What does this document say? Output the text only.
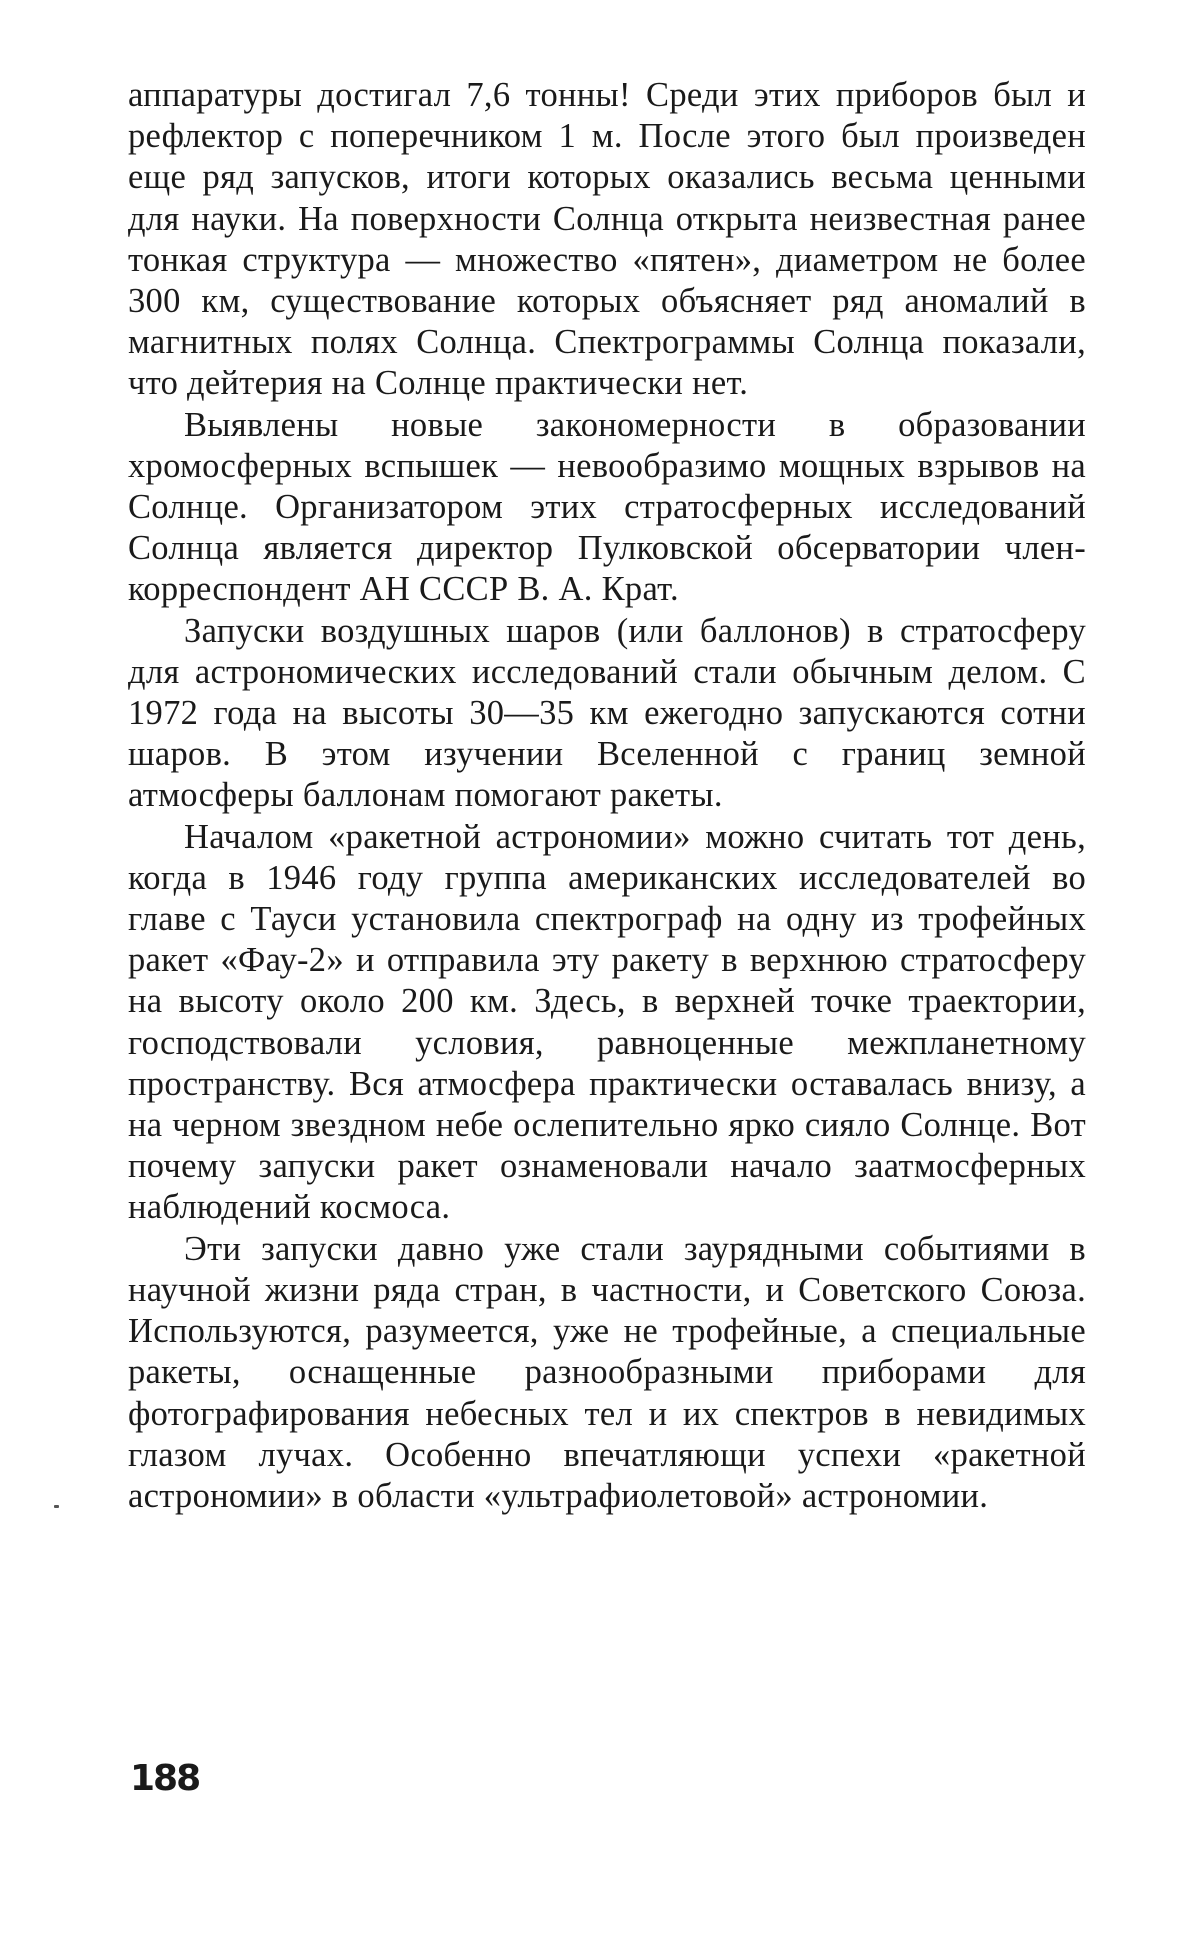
аппаратуры достигал 7,6 тонны! Среди этих приборов был и рефлектор с поперечником 1 м. После этого был произведен еще ряд запусков, итоги которых оказались весьма ценными для науки. На поверхности Солнца открыта неизвестная ранее тонкая структура — множество «пятен», диаметром не более 300 км, существование которых объясняет ряд аномалий в магнитных полях Солнца. Спектрограммы Солнца показали, что дейтерия на Солнце практически нет.

Выявлены новые закономерности в образовании хромосферных вспышек — невообразимо мощных взрывов на Солнце. Организатором этих стратосферных исследований Солнца является директор Пулковской обсерватории член-корреспондент АН СССР В. А. Крат.

Запуски воздушных шаров (или баллонов) в стратосферу для астрономических исследований стали обычным делом. С 1972 года на высоты 30—35 км ежегодно запускаются сотни шаров. В этом изучении Вселенной с границ земной атмосферы баллонам помогают ракеты.

Началом «ракетной астрономии» можно считать тот день, когда в 1946 году группа американских исследователей во главе с Тауси установила спектрограф на одну из трофейных ракет «Фау-2» и отправила эту ракету в верхнюю стратосферу на высоту около 200 км. Здесь, в верхней точке траектории, господствовали условия, равноценные межпланетному пространству. Вся атмосфера практически оставалась внизу, а на черном звездном небе ослепительно ярко сияло Солнце. Вот почему запуски ракет ознаменовали начало заатмосферных наблюдений космоса.

Эти запуски давно уже стали заурядными событиями в научной жизни ряда стран, в частности, и Советского Союза. Используются, разумеется, уже не трофейные, а специальные ракеты, оснащенные разнообразными приборами для фотографирования небесных тел и их спектров в невидимых глазом лучах. Особенно впечатляющи успехи «ракетной астрономии» в области «ультрафиолетовой» астрономии.

188
